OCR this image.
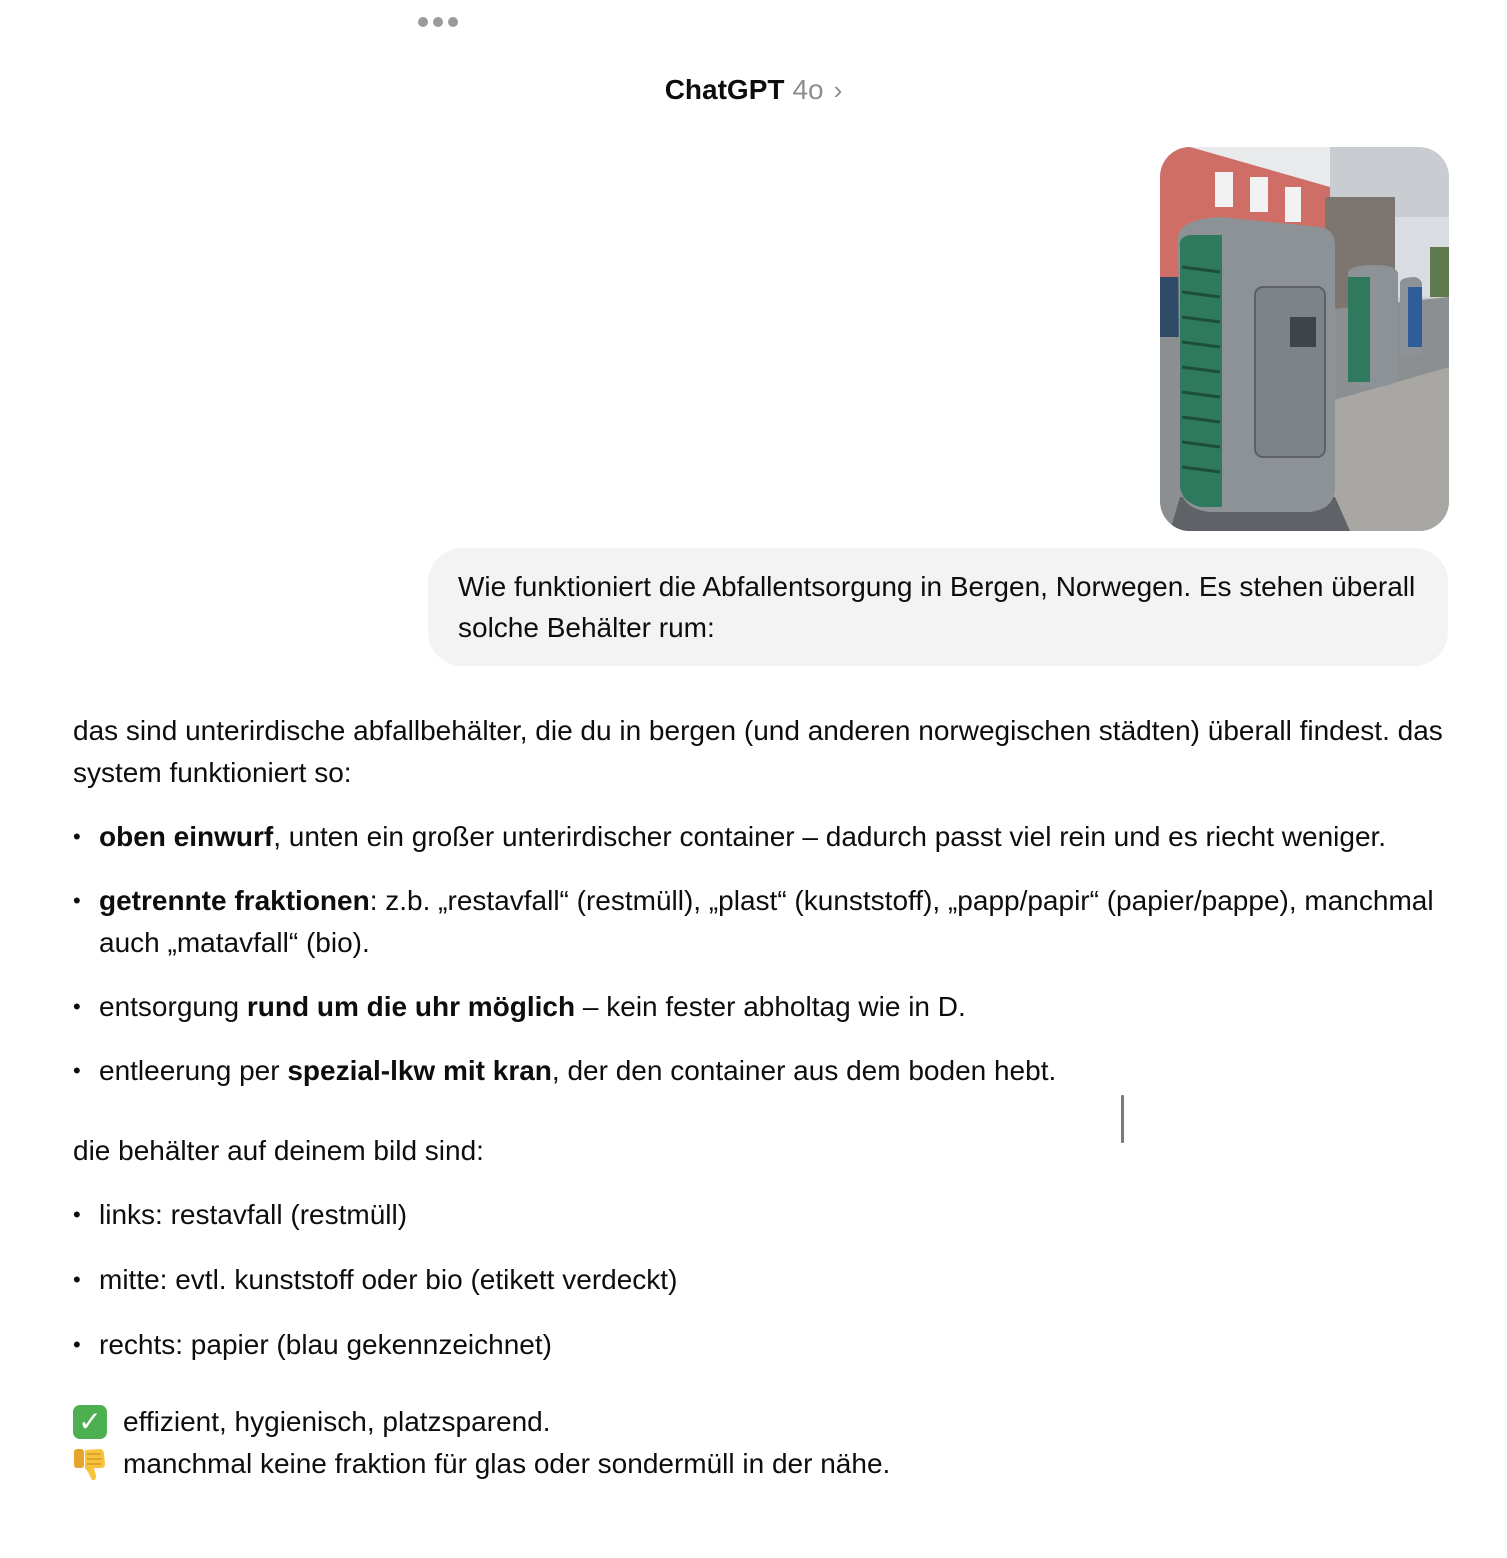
ChatGPT 4o ›
Wie funktioniert die Abfallentsorgung in Bergen, Norwegen. Es stehen überall solche Behälter rum:

das sind unterirdische abfallbehälter, die du in bergen (und anderen norwegischen städten) überall findest. das system funktioniert so:

• oben einwurf, unten ein großer unterirdischer container – dadurch passt viel rein und es riecht weniger.
• getrennte fraktionen: z.b. „restavfall“ (restmüll), „plast“ (kunststoff), „papp/papir“ (papier/pappe), manchmal auch „matavfall“ (bio).
• entsorgung rund um die uhr möglich – kein fester abholtag wie in D.
• entleerung per spezial-lkw mit kran, der den container aus dem boden hebt.

die behälter auf deinem bild sind:

• links: restavfall (restmüll)
• mitte: evtl. kunststoff oder bio (etikett verdeckt)
• rechts: papier (blau gekennzeichnet)
✓ effizient, hygienisch, platzsparend.
manchmal keine fraktion für glas oder sondermüll in der nähe.
